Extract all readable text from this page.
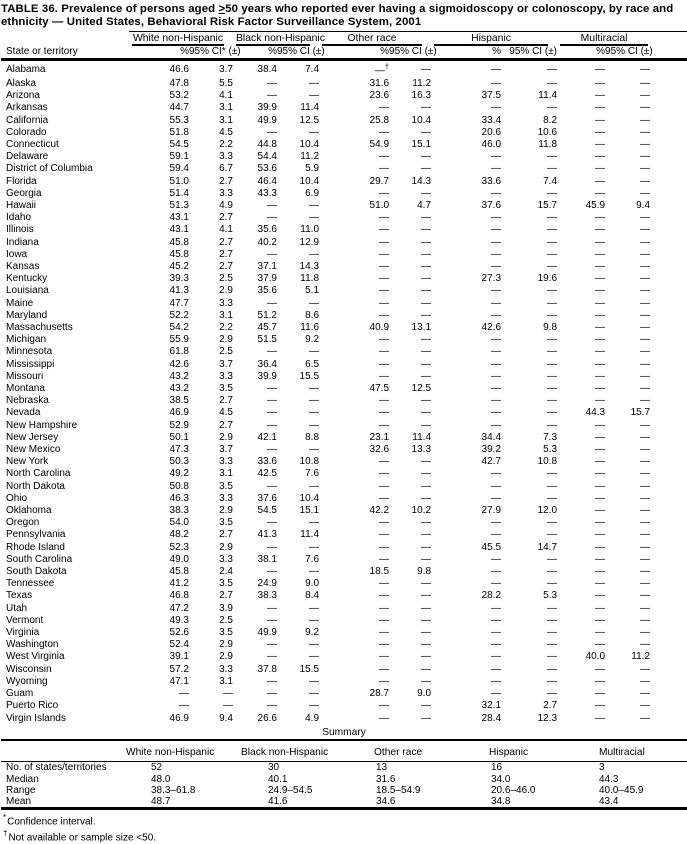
TABLE 36. Prevalence of persons aged ≥50 years who reported ever having a sigmoidoscopy or colonoscopy, by race and ethnicity — United States, Behavioral Risk Factor Surveillance System, 2001

	White non-Hispanic		Black non-Hispanic		Other race		Hispanic		Multiracial	

State or territory	%	95% CI* (±)	%	95% CI (±)	%	95% CI (±)	%	95% CI (±)	%	95% CI (±)
Alabama	46.6	3.7	38.4	7.4	—†	—	—	—	—	—
Alaska	47.8	5.5	—	—	31.6	11.2	—	—	—	—
Arizona	53.2	4.1	—	—	23.6	16.3	37.5	11.4	—	—
Arkansas	44.7	3.1	39.9	11.4	—	—	—	—	—	—
California	55.3	3.1	49.9	12.5	25.8	10.4	33.4	8.2	—	—
Colorado	51.8	4.5	—	—	—	—	20.6	10.6	—	—
Connecticut	54.5	2.2	44.8	10.4	54.9	15.1	46.0	11.8	—	—
Delaware	59.1	3.3	54.4	11.2	—	—	—	—	—	—
District of Columbia	59.4	6.7	53.6	5.9	—	—	—	—	—	—
Florida	51.0	2.7	46.4	10.4	29.7	14.3	33.6	7.4	—	—
Georgia	51.4	3.3	43.3	6.9	—	—	—	—	—	—
Hawaii	51.3	4.9	—	—	51.0	4.7	37.6	15.7	45.9	9.4
Idaho	43.1	2.7	—	—	—	—	—	—	—	—
Illinois	43.1	4.1	35.6	11.0	—	—	—	—	—	—
Indiana	45.8	2.7	40.2	12.9	—	—	—	—	—	—
Iowa	45.8	2.7	—	—	—	—	—	—	—	—
Kansas	45.2	2.7	37.1	14.3	—	—	—	—	—	—
Kentucky	39.3	2.5	37.9	11.8	—	—	27.3	19.6	—	—
Louisiana	41.3	2.9	35.6	5.1	—	—	—	—	—	—
Maine	47.7	3.3	—	—	—	—	—	—	—	—
Maryland	52.2	3.1	51.2	8.6	—	—	—	—	—	—
Massachusetts	54.2	2.2	45.7	11.6	40.9	13.1	42.6	9.8	—	—
Michigan	55.9	2.9	51.5	9.2	—	—	—	—	—	—
Minnesota	61.8	2.5	—	—	—	—	—	—	—	—
Mississippi	42.6	3.7	36.4	6.5	—	—	—	—	—	—
Missouri	43.2	3.3	39.9	15.5	—	—	—	—	—	—
Montana	43.2	3.5	—	—	47.5	12.5	—	—	—	—
Nebraska	38.5	2.7	—	—	—	—	—	—	—	—
Nevada	46.9	4.5	—	—	—	—	—	—	44.3	15.7
New Hampshire	52.9	2.7	—	—	—	—	—	—	—	—
New Jersey	50.1	2.9	42.1	8.8	23.1	11.4	34.4	7.3	—	—
New Mexico	47.3	3.7	—	—	32.6	13.3	39.2	5.3	—	—
New York	50.3	3.3	33.6	10.8	—	—	42.7	10.8	—	—
North Carolina	49.2	3.1	42.5	7.6	—	—	—	—	—	—
North Dakota	50.8	3.5	—	—	—	—	—	—	—	—
Ohio	46.3	3.3	37.6	10.4	—	—	—	—	—	—
Oklahoma	38.3	2.9	54.5	15.1	42.2	10.2	27.9	12.0	—	—
Oregon	54.0	3.5	—	—	—	—	—	—	—	—
Pennsylvania	48.2	2.7	41.3	11.4	—	—	—	—	—	—
Rhode Island	52.3	2.9	—	—	—	—	45.5	14.7	—	—
South Carolina	49.0	3.3	38.1	7.6	—	—	—	—	—	—
South Dakota	45.8	2.4	—	—	18.5	9.8	—	—	—	—
Tennessee	41.2	3.5	24.9	9.0	—	—	—	—	—	—
Texas	46.8	2.7	38.3	8.4	—	—	28.2	5.3	—	—
Utah	47.2	3.9	—	—	—	—	—	—	—	—
Vermont	49.3	2.5	—	—	—	—	—	—	—	—
Virginia	52.6	3.5	49.9	9.2	—	—	—	—	—	—
Washington	52.4	2.9	—	—	—	—	—	—	—	—
West Virginia	39.1	2.9	—	—	—	—	—	—	40.0	11.2
Wisconsin	57.2	3.3	37.8	15.5	—	—	—	—	—	—
Wyoming	47.1	3.1	—	—	—	—	—	—	—	—
Guam	—	—	—	—	28.7	9.0	—	—	—	—
Puerto Rico	—	—	—	—	—	—	32.1	2.7	—	—
Virgin Islands	46.9	9.4	26.6	4.9	—	—	28.4	12.3	—	—
Summary
	White non-Hispanic	Black non-Hispanic	Other race	Hispanic	Multiracial
No. of states/territories	52	30	13	16	3
Median	48.0	40.1	31.6	34.0	44.3
Range	38.3–61.8	24.9–54.5	18.5–54.9	20.6–46.0	40.0–45.9
Mean	48.7	41.6	34.6	34.8	43.4
*Confidence interval.
†Not available or sample size <50.
